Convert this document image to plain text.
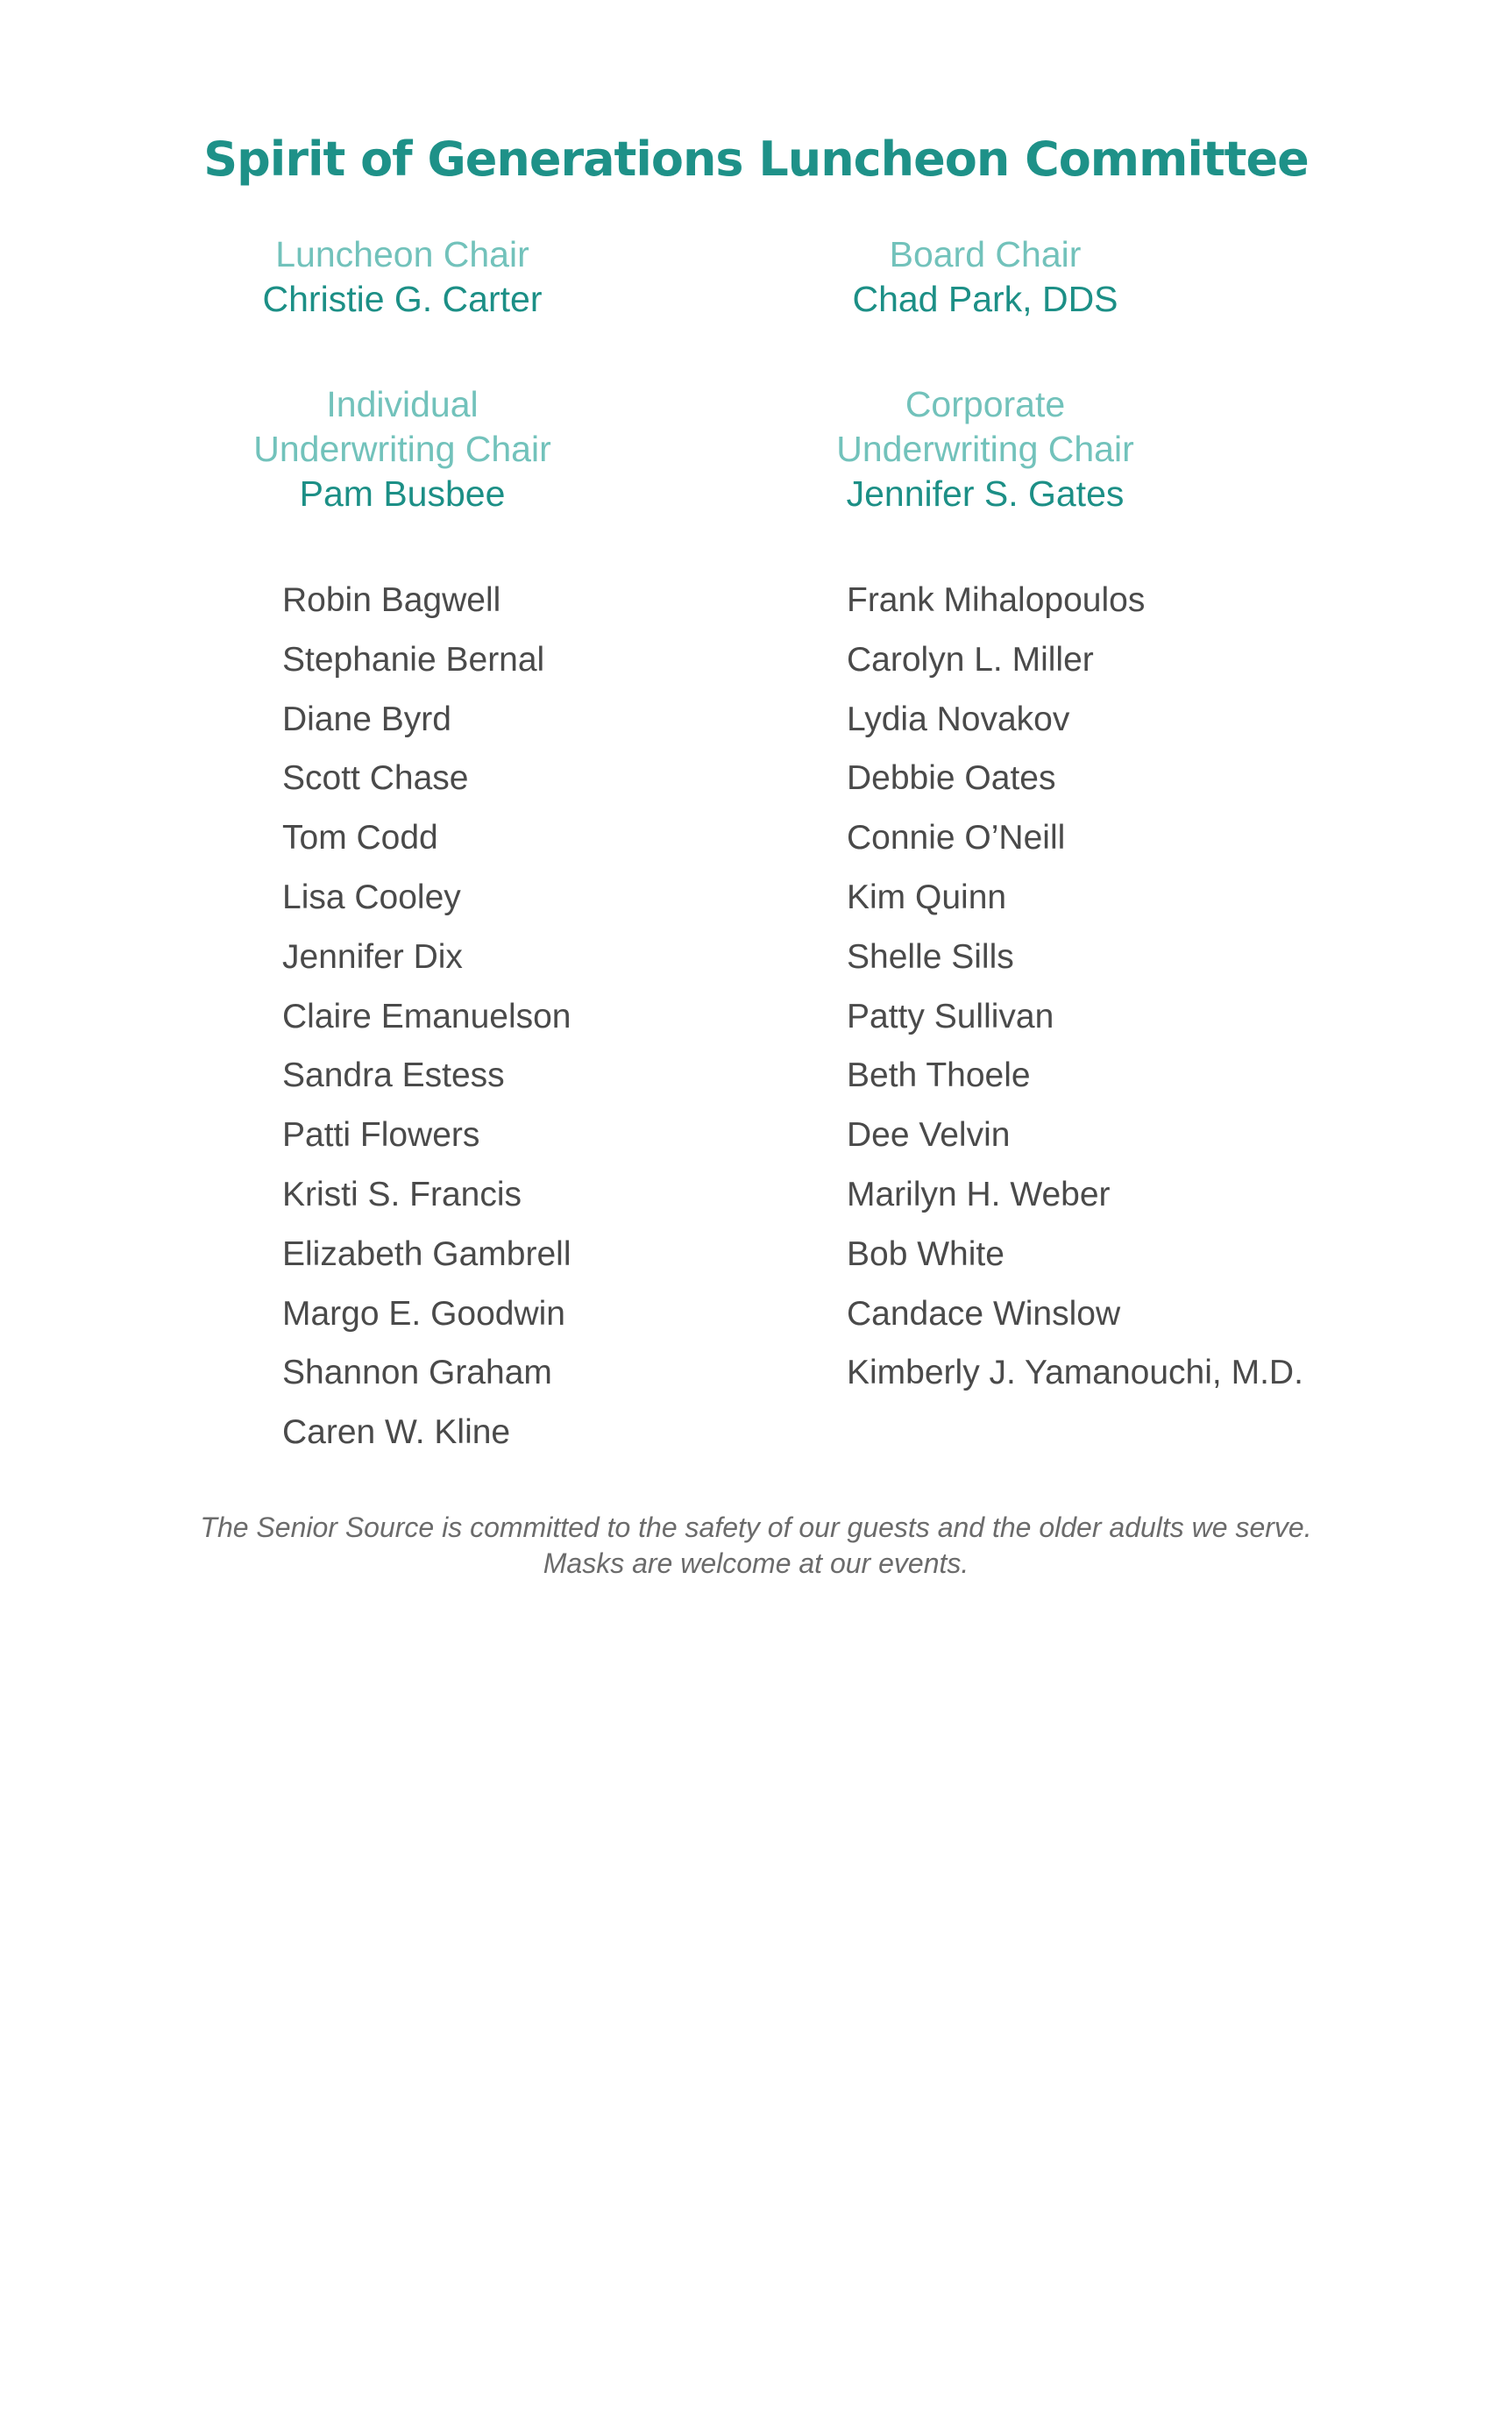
Spirit of Generations Luncheon Committee
Luncheon Chair
Christie G. Carter
Board Chair
Chad Park, DDS
Individual
Underwriting Chair
Pam Busbee
Corporate
Underwriting Chair
Jennifer S. Gates
Robin Bagwell
Stephanie Bernal
Diane Byrd
Scott Chase
Tom Codd
Lisa Cooley
Jennifer Dix
Claire Emanuelson
Sandra Estess
Patti Flowers
Kristi S. Francis
Elizabeth Gambrell
Margo E. Goodwin
Shannon Graham
Caren W. Kline
Frank Mihalopoulos
Carolyn L. Miller
Lydia Novakov
Debbie Oates
Connie O’Neill
Kim Quinn
Shelle Sills
Patty Sullivan
Beth Thoele
Dee Velvin
Marilyn H. Weber
Bob White
Candace Winslow
Kimberly J. Yamanouchi, M.D.
The Senior Source is committed to the safety of our guests and the older adults we serve.
Masks are welcome at our events.
